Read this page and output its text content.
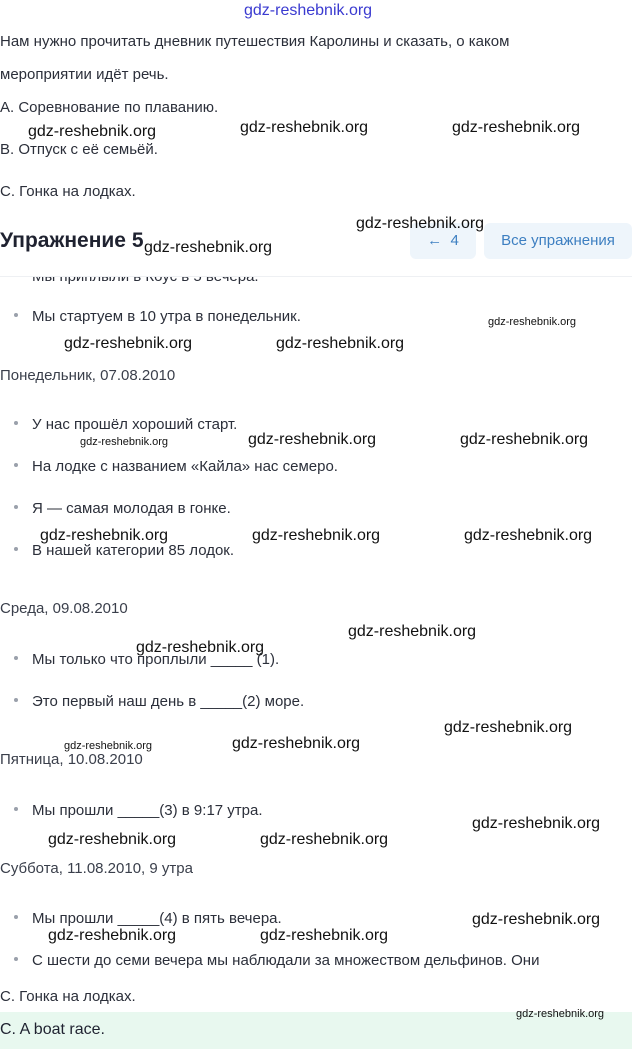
gdz-reshebnik.org
Нам нужно прочитать дневник путешествия Каролины и сказать, о каком
мероприятии идёт речь.
A. Соревнование по плаванию.
B. Отпуск с её семьёй.
C. Гонка на лодках.
Упражнение 5	← 4	Все упражнения
Мы стартуем в 10 утра в понедельник.
Понедельник, 07.08.2010
У нас прошёл хороший старт.
На лодке с названием «Кайла» нас семеро.
Я — самая молодая в гонке.
В нашей категории 85 лодок.
Среда, 09.08.2010
Мы только что проплыли _____ (1).
Это первый наш день в _____(2) море.
Пятница, 10.08.2010
Мы прошли _____(3) в 9:17 утра.
Суббота, 11.08.2010, 9 утра
Мы прошли _____(4) в пять вечера.
С шести до семи вечера мы наблюдали за множеством дельфинов. Они
C. Гонка на лодках.
C. A boat race.
gdz-reshebnik.org	gdz-reshebnik.org	gdz-reshebnik.org
gdz-reshebnik.org
gdz-reshebnik.org
gdz-reshebnik.org
gdz-reshebnik.org	gdz-reshebnik.org
gdz-reshebnik.org	gdz-reshebnik.org	gdz-reshebnik.org
gdz-reshebnik.org	gdz-reshebnik.org	gdz-reshebnik.org
gdz-reshebnik.org
gdz-reshebnik.org
gdz-reshebnik.org
gdz-reshebnik.org	gdz-reshebnik.org
gdz-reshebnik.org
gdz-reshebnik.org	gdz-reshebnik.org
gdz-reshebnik.org
gdz-reshebnik.org	gdz-reshebnik.org
gdz-reshebnik.org
